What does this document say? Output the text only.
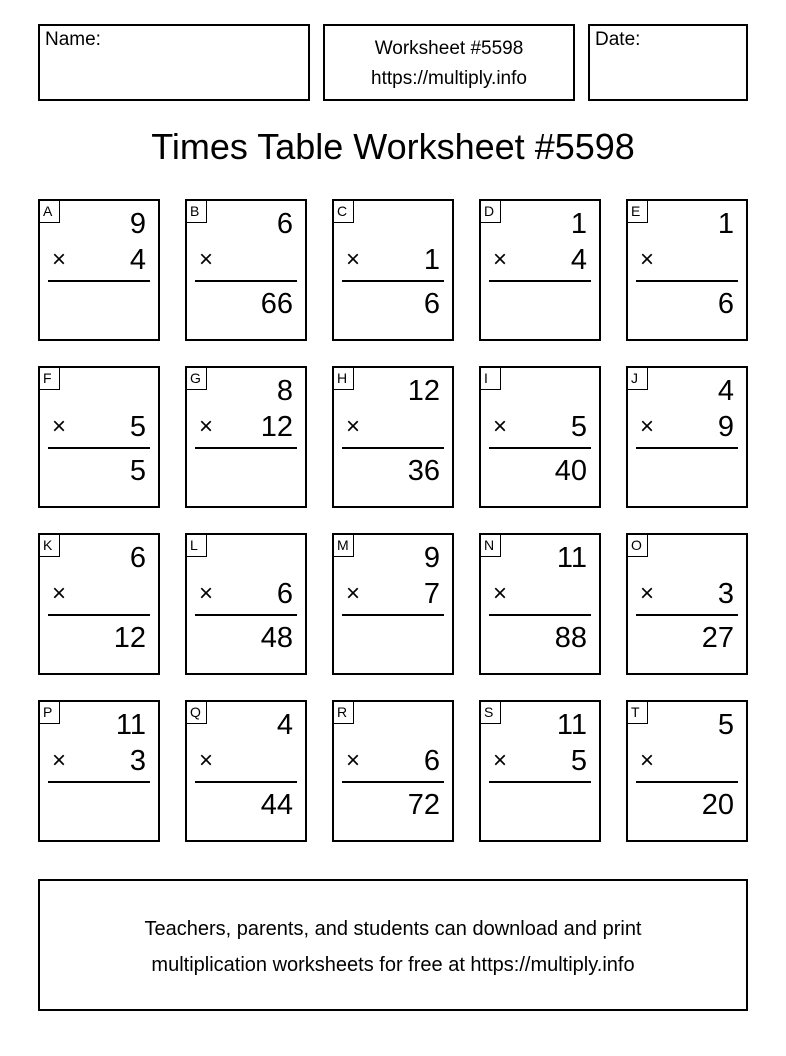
Name:	Worksheet #5598
https://multiply.info
Date:
Times Table Worksheet #5598
A	9
× 4
B	6
×
66
C
× 1
6
D	1
× 4
E	1
×
6
F
× 5
5
G	8
× 12
H 12
×
36
I
× 5
40
J	4
× 9
K	6
×
12
L
× 6
48
M	9
× 7
N 11
×
88
O
× 3
27
P 11
× 3
Q	4
×
44
R
× 6
72
S 11
× 5
T	5
×
20
Teachers, parents, and students can download and print
multiplication worksheets for free at https://multiply.info
